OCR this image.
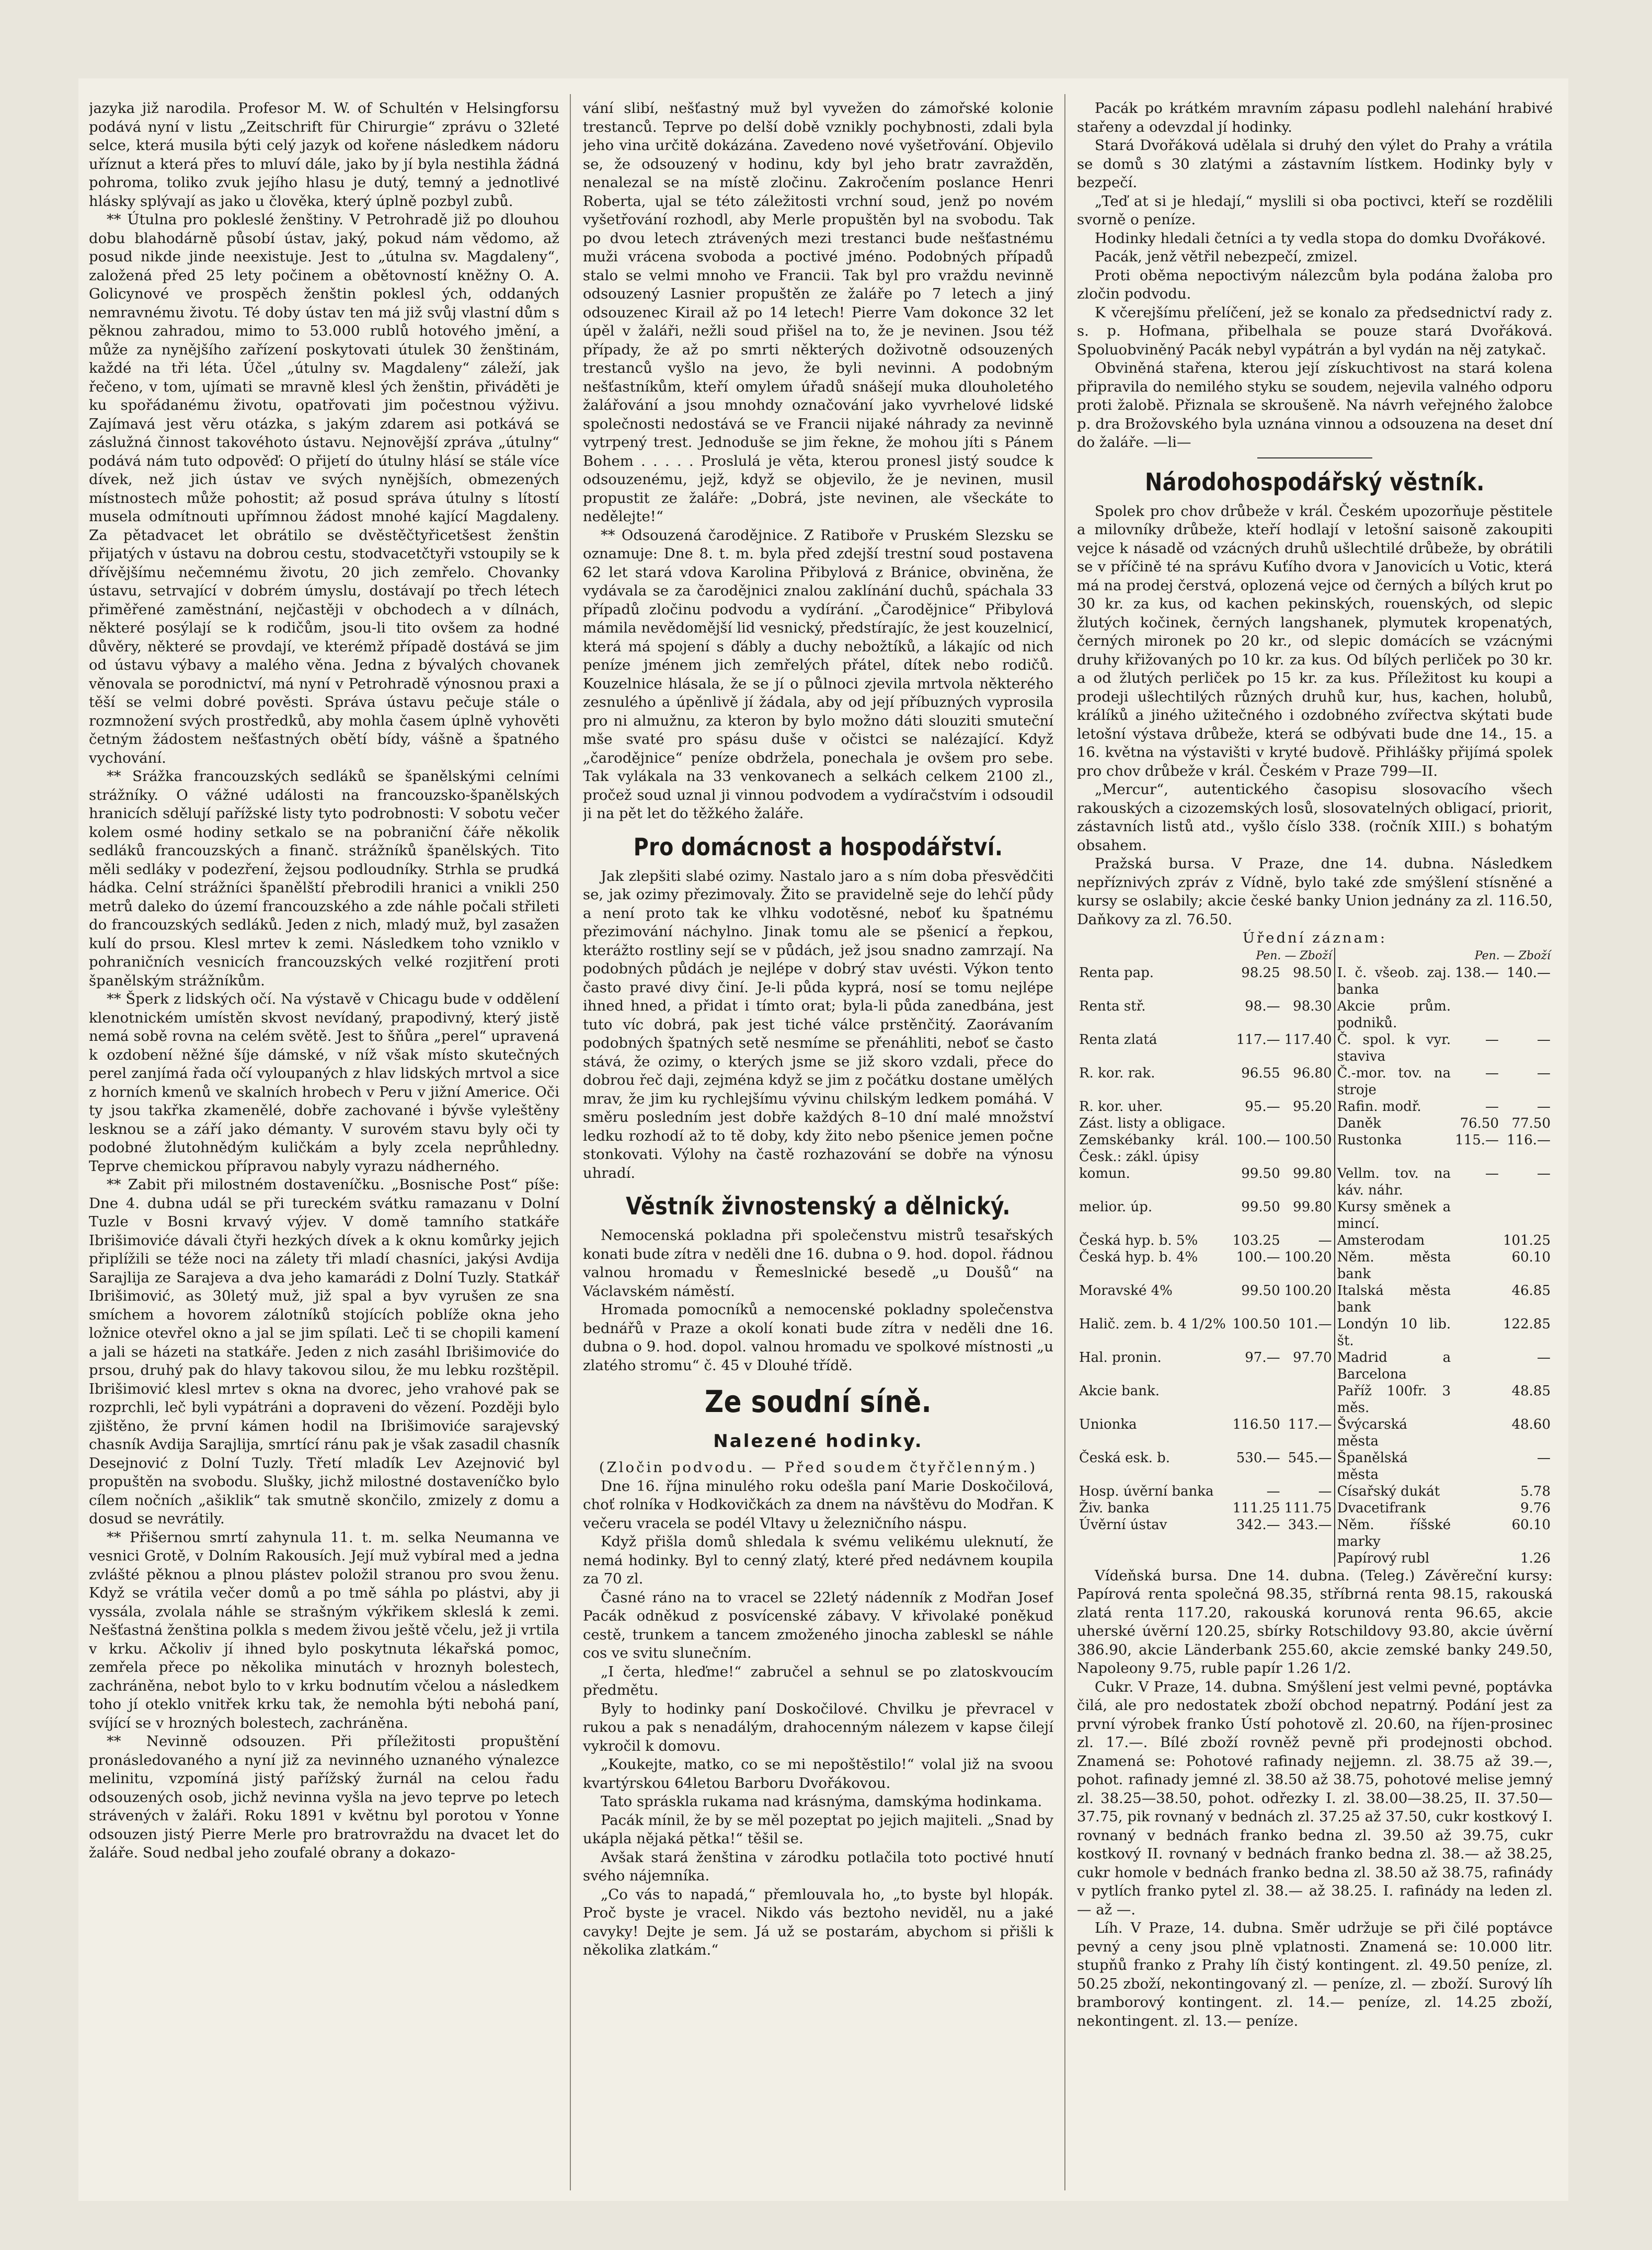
jazyka již narodila. Profesor M. W. of Schultén v Helsingforsu podává nyní v listu „Zeitschrift für Chirurgie“ zprávu o 32leté selce, která musila býti celý jazyk od kořene následkem nádoru uříznut a která přes to mluví dále, jako by jí byla nestihla žádná pohroma, toliko zvuk jejího hlasu je dutý, temný a jednotlivé hlásky splývají as jako u člověka, který úplně pozbyl zubů.

** Útulna pro pokleslé ženštiny. V Petrohradě již po dlouhou dobu blahodárně působí ústav, jaký, pokud nám vědomo, až posud nikde jinde neexistuje. Jest to „útulna sv. Magdaleny“, založená před 25 lety počinem a obětovností kněžny O. A. Golicynové ve prospěch ženštin poklesl ých, oddaných nemravnému životu. Té doby ústav ten má již svůj vlastní dům s pěknou zahradou, mimo to 53.000 rublů hotového jmění, a může za nynějšího zařízení poskytovati útulek 30 ženštinám, každé na tři léta. Účel „útulny sv. Magdaleny“ záleží, jak řečeno, v tom, ujímati se mravně klesl ých ženštin, přiváděti je ku spořádanému životu, opatřovati jim počestnou výživu. Zajímavá jest věru otázka, s jakým zdarem asi potkává se záslužná činnost takovéhoto ústavu. Nejnovější zpráva „útulny“ podává nám tuto odpověď: O přijetí do útulny hlásí se stále více dívek, než jich ústav ve svých nynějších, obmezených místnostech může pohostit; až posud správa útulny s lítostí musela odmítnouti upřímnou žádost mnohé kající Magdaleny. Za pětadvacet let obrátilo se dvěstěčtyřicetšest ženštin přijatých v ústavu na dobrou cestu, stodvacetčtyři vstoupily se k dřívějšímu nečemnému životu, 20 jich zemřelo. Chovanky ústavu, setrvající v dobrém úmyslu, dostávají po třech létech přiměřené zaměstnání, nejčastěji v obchodech a v dílnách, některé posýlají se k rodičům, jsou-li tito ovšem za hodné důvěry, některé se provdají, ve kterémž případě dostává se jim od ústavu výbavy a malého věna. Jedna z bývalých chovanek věnovala se porodnictví, má nyní v Petrohradě výnosnou praxi a těší se velmi dobré pověsti. Správa ústavu pečuje stále o rozmnožení svých prostředků, aby mohla časem úplně vyhověti četným žádostem nešťastných obětí bídy, vášně a špatného vychování.

** Srážka francouzských sedláků se španělskými celními strážníky. O vážné události na francouzsko-španělských hranicích sdělují pařížské listy tyto podrobnosti: V sobotu večer kolem osmé hodiny setkalo se na pobraniční čáře několik sedláků francouzských a finanč. strážníků španělských. Tito měli sedláky v podezření, žejsou podloudníky. Strhla se prudká hádka. Celní strážníci španělští přebrodili hranici a vnikli 250 metrů daleko do území francouzského a zde náhle počali střileti do francouzských sedláků. Jeden z nich, mladý muž, byl zasažen kulí do prsou. Klesl mrtev k zemi. Následkem toho vzniklo v pohraničních vesnicích francouzských velké rozjitření proti španělským strážníkům.

** Šperk z lidských očí. Na výstavě v Chicagu bude v oddělení klenotnickém umístěn skvost nevídaný, prapodivný, který jistě nemá sobě rovna na celém světě. Jest to šňůra „perel“ upravená k ozdobení něžné šíje dámské, v níž však místo skutečných perel zanjímá řada očí vyloupaných z hlav lidských mrtvol a sice z horních kmenů ve skalních hrobech v Peru v jižní Americe. Oči ty jsou takřka zkamenělé, dobře zachované i bývše vyleštěny lesknou se a září jako démanty. V surovém stavu byly oči ty podobné žlutohnědým kuličkám a byly zcela neprůhledny. Teprve chemickou přípravou nabyly vyrazu nádherného.

** Zabit při milostném dostaveníčku. „Bosnische Post“ píše: Dne 4. dubna udál se při tureckém svátku ramazanu v Dolní Tuzle v Bosni krvavý výjev. V domě tamního statkáře Ibrišimoviće dávali čtyři hezkých dívek a k oknu komůrky jejich připlížili se téže noci na zálety tři mladí chasníci, jakýsi Avdija Sarajlija ze Sarajeva a dva jeho kamarádi z Dolní Tuzly. Statkář Ibrišimović, as 30letý muž, již spal a byv vyrušen ze sna smíchem a hovorem zálotníků stojících poblíže okna jeho ložnice otevřel okno a jal se jim spílati. Leč ti se chopili kamení a jali se házeti na statkáře. Jeden z nich zasáhl Ibrišimoviće do prsou, druhý pak do hlavy takovou silou, že mu lebku rozštěpil. Ibrišimović klesl mrtev s okna na dvorec, jeho vrahové pak se rozprchli, leč byli vypátráni a dopraveni do vězení. Později bylo zjištěno, že první kámen hodil na Ibrišimoviće sarajevský chasník Avdija Sarajlija, smrtící ránu pak je však zasadil chasník Desejnović z Dolní Tuzly. Třetí mladík Lev Azejnović byl propuštěn na svobodu. Slušky, jichž milostné dostaveníčko bylo cílem nočních „ašiklik“ tak smutně skončilo, zmizely z domu a dosud se nevrátily.

** Přišernou smrtí zahynula 11. t. m. selka Neumanna ve vesnici Grotě, v Dolním Rakousích. Její muž vybíral med a jedna zvlášté pěknou a plnou plástev položil stranou pro svou ženu. Když se vrátila večer domů a po tmě sáhla po plástvi, aby ji vyssála, zvolala náhle se strašným výkřikem skleslá k zemi. Nešťastná ženština polkla s medem živou ještě včelu, jež ji vrtila v krku. Ačkoliv jí ihned bylo poskytnuta lékařská pomoc, zemřela přece po několika minutách v hroznyh bolestech, zachráněna, nebot bylo to v krku bodnutím včelou a následkem toho jí oteklo vnitřek krku tak, že nemohla býti nebohá paní, svíjící se v hrozných bolestech, zachráněna.

** Nevinně odsouzen. Při příležitosti propuštění pronásledovaného a nyní již za nevinného uznaného výnalezce melinitu, vzpomíná jistý pařížský žurnál na celou řadu odsouzených osob, jichž nevinna vyšla na jevo teprve po letech strávených v žaláři. Roku 1891 v květnu byl porotou v Yonne odsouzen jistý Pierre Merle pro bratrovraždu na dvacet let do žaláře. Soud nedbal jeho zoufalé obrany a dokazo-

vání slibí, nešťastný muž byl vyvežen do zámořské kolonie trestanců. Teprve po delší době vznikly pochybnosti, zdali byla jeho vina určitě dokázána. Zavedeno nové vyšetřování. Objevilo se, že odsouzený v hodinu, kdy byl jeho bratr zavražděn, nenalezal se na místě zločinu. Zakročením poslance Henri Roberta, ujal se této záležitosti vrchní soud, jenž po novém vyšetřování rozhodl, aby Merle propuštěn byl na svobodu. Tak po dvou letech ztrávených mezi trestanci bude nešťastnému muži vrácena svoboda a poctivé jméno. Podobných případů stalo se velmi mnoho ve Francii. Tak byl pro vraždu nevinně odsouzený Lasnier propuštěn ze žaláře po 7 letech a jiný odsouzenec Kirail až po 14 letech! Pierre Vam dokonce 32 let úpěl v žaláři, nežli soud přišel na to, že je nevinen. Jsou též případy, že až po smrti některých doživotně odsouzených trestanců vyšlo na jevo, že byli nevinni. A podobným nešťastníkům, kteří omylem úřadů snášejí muka dlouholetého žalářování a jsou mnohdy označování jako vyvrhelové lidské společnosti nedostává se ve Francii nijaké náhrady za nevinně vytrpený trest. Jednoduše se jim řekne, že mohou jíti s Pánem Bohem . . . . . Proslulá je věta, kterou pronesl jistý soudce k odsouzenému, jejž, když se objevilo, že je nevinen, musil propustit ze žaláře: „Dobrá, jste nevinen, ale všeckáte to nedělejte!“

** Odsouzená čarodějnice. Z Ratiboře v Pruském Slezsku se oznamuje: Dne 8. t. m. byla před zdejší trestní soud postavena 62 let stará vdova Karolina Přibylová z Bránice, obviněna, že vydávala se za čarodějnici znalou zaklínání duchů, spáchala 33 případů zločinu podvodu a vydírání. „Čarodějnice“ Přibylová mámila nevědomější lid vesnický, předstírajíc, že jest kouzelnicí, která má spojení s ďábly a duchy nebožtíků, a lákajíc od nich peníze jménem jich zemřelých přátel, dítek nebo rodičů. Kouzelnice hlásala, že se jí o půlnoci zjevila mrtvola některého zesnulého a úpěnlivě jí žádala, aby od její příbuzných vyprosila pro ni almužnu, za kteron by bylo možno dáti slouziti smuteční mše svaté pro spásu duše v očistci se nalézající. Když „čarodějnice“ peníze obdržela, ponechala je ovšem pro sebe. Tak vylákala na 33 venkovanech a selkách celkem 2100 zl., pročež soud uznal ji vinnou podvodem a vydíračstvím i odsoudil ji na pět let do těžkého žaláře.

Pro domácnost a hospodářství.

Jak zlepšiti slabé ozimy. Nastalo jaro a s ním doba přesvědčiti se, jak ozimy přezimovaly. Žito se pravidelně seje do lehčí půdy a není proto tak ke vlhku vodotěsné, neboť ku špatnému přezimování náchylno. Jinak tomu ale se pšenicí a řepkou, kterážto rostliny sejí se v půdách, jež jsou snadno zamrzají. Na podobných půdách je nejlépe v dobrý stav uvésti. Výkon tento často pravé divy činí. Je-li půda kyprá, nosí se tomu nejlépe ihned hned, a přidat i tímto orat; byla-li půda zanedbána, jest tuto víc dobrá, pak jest tiché válce prstěnčitý. Zaorávaním podobných špatných setě nesmíme se přenáhliti, neboť se často stává, že ozimy, o kterých jsme se již skoro vzdali, přece do dobrou řeč daji, zejména když se jim z počátku dostane umělých mrav, že jim ku rychlejšímu vývinu chilským ledkem pomáhá. V směru posledním jest dobře každých 8–10 dní malé množství ledku rozhodí až to tě doby, kdy žito nebo pšenice jemen počne stonkovati. Výlohy na častě rozhazování se dobře na výnosu uhradí.

Věstník živnostenský a dělnický.

Nemocenská pokladna při společenstvu mistrů tesařských konati bude zítra v neděli dne 16. dubna o 9. hod. dopol. řádnou valnou hromadu v Řemeslnické besedě „u Doušů“ na Václavském náměstí.

Hromada pomocníků a nemocenské pokladny společenstva bednářů v Praze a okolí konati bude zítra v neděli dne 16. dubna o 9. hod. dopol. valnou hromadu ve spolkové místnosti „u zlatého stromu“ č. 45 v Dlouhé třídě.

Ze soudní síně.
Nalezené hodinky.

(Zločin podvodu. — Před soudem čtyřčlenným.)

Dne 16. října minulého roku odešla paní Marie Doskočilová, choť rolníka v Hodkovičkách za dnem na návštěvu do Modřan. K večeru vracela se podél Vltavy u železničního náspu.

Když přišla domů shledala k svému velikému uleknutí, že nemá hodinky. Byl to cenný zlatý, které před nedávnem koupila za 70 zl.

Časné ráno na to vracel se 22letý nádenník z Modřan Josef Pacák odněkud z posvícenské zábavy. V křivolaké poněkud cestě, trunkem a tancem zmoženého jinocha zableskl se náhle cos ve svitu slunečním.

„I čerta, hleďme!“ zabručel a sehnul se po zlatoskvoucím předmětu.

Byly to hodinky paní Doskočilové. Chvilku je převracel v rukou a pak s nenadálým, drahocenným nálezem v kapse čilejí vykročil k domovu.

„Koukejte, matko, co se mi nepoštěstilo!“ volal již na svoou kvartýrskou 64letou Barboru Dvořákovou.

Tato spráskla rukama nad krásnýma, damskýma hodinkama.

Pacák mínil, že by se měl pozeptat po jejich majiteli. „Snad by ukápla nějaká pětka!“ těšil se.

Avšak stará ženština v zárodku potlačila toto poctivé hnutí svého nájemníka.

„Co vás to napadá,“ přemlouvala ho, „to byste byl hlopák. Proč byste je vracel. Nikdo vás beztoho neviděl, nu a jaké cavyky! Dejte je sem. Já už se postarám, abychom si přišli k několika zlatkám.“

Pacák po krátkém mravním zápasu podlehl nalehání hrabivé stařeny a odevzdal jí hodinky.

Stará Dvořáková udělala si druhý den výlet do Prahy a vrátila se domů s 30 zlatými a zástavním lístkem. Hodinky byly v bezpečí.

„Teď at si je hledají,“ myslili si oba poctivci, kteří se rozdělili svorně o peníze.

Hodinky hledali četníci a ty vedla stopa do domku Dvořákové.

Pacák, jenž větřil nebezpečí, zmizel.

Proti oběma nepoctivým nálezcům byla podána žaloba pro zločin podvodu.

K včerejšímu přelíčení, jež se konalo za předsednictví rady z. s. p. Hofmana, přibelhala se pouze stará Dvořáková. Spoluobviněný Pacák nebyl vypátrán a byl vydán na něj zatykač.

Obviněná stařena, kterou její získuchtivost na stará kolena připravila do nemilého styku se soudem, nejevila valného odporu proti žalobě. Přiznala se skroušeně. Na návrh veřejného žalobce p. dra Brožovského byla uznána vinnou a odsouzena na deset dní do žaláře. —li—

Národohospodářský věstník.

Spolek pro chov drůbeže v král. Českém upozorňuje pěstitele a milovníky drůbeže, kteří hodlají v letošní saisoně zakoupiti vejce k násadě od vzácných druhů ušlechtilé drůbeže, by obrátili se v příčině té na správu Kuťího dvora v Janovicích u Votic, která má na prodej čerstvá, oplozená vejce od černých a bílých krut po 30 kr. za kus, od kachen pekinských, rouenských, od slepic žlutých kočinek, černých langshanek, plymutek kropenatých, černých mironek po 20 kr., od slepic domácích se vzácnými druhy křižovaných po 10 kr. za kus. Od bílých perliček po 30 kr. a od žlutých perliček po 15 kr. za kus. Příležitost ku koupi a prodeji ušlechtilých různých druhů kur, hus, kachen, holubů, králíků a jiného užitečného i ozdobného zvířectva skýtati bude letošní výstava drůbeže, která se odbývati bude dne 14., 15. a 16. května na výstavišti v kryté budově. Přihlášky přijímá spolek pro chov drůbeže v král. Českém v Praze 799—II.

„Mercur“, autentického časopisu slosovacího všech rakouských a cizozemských losů, slosovatelných obligací, priorit, zástavních listů atd., vyšlo číslo 338. (ročník XIII.) s bohatým obsahem.

Pražská bursa. V Praze, dne 14. dubna. Následkem nepříznivých zpráv z Vídně, bylo také zde smýšlení stísněné a kursy se oslabily; akcie české banky Union jednány za zl. 116.50, Daňkovy za zl. 76.50.

Úřední záznam:

	Pen. — Zboží			Pen. — Zboží	
Renta pap.	98.25	98.50	I. č. všeob. zaj. banka	138.—	140.—
Renta stř.	98.—	98.30	Akcie prům. podniků.		
Renta zlatá	117.—	117.40	Č. spol. k vyr. staviva	—	—
R. kor. rak.	96.55	96.80	Č.-mor. tov. na stroje	—	—
R. kor. uher.	95.—	95.20	Rafin. modř.	—	—
Zást. listy a obligace.			Daněk	76.50	77.50
Zemskébanky král. Česk.: zákl. úpisy	100.—	100.50	Rustonka	115.—	116.—
komun.	99.50	99.80	Vellm. tov. na káv. náhr.	—	—
melior. úp.	99.50	99.80	Kursy směnek a mincí.		
Česká hyp. b. 5%	103.25	—	Amsterodam		101.25
Česká hyp. b. 4%	100.—	100.20	Něm. města bank		60.10
Moravské 4%	99.50	100.20	Italská města bank		46.85
Halič. zem. b. 4 1/2%	100.50	101.—	Londýn 10 lib. št.		122.85
Hal. pronin.	97.—	97.70	Madrid a Barcelona		—
Akcie bank.			Paříž 100fr. 3 měs.		48.85
Unionka	116.50	117.—	Švýcarská města		48.60
Česká esk. b.	530.—	545.—	Španělská města		—
Hosp. úvěrní banka	—	—	Císařský dukát		5.78
Živ. banka	111.25	111.75	Dvacetifrank		9.76
Úvěrní ústav	342.—	343.—	Něm. říšské marky		60.10
			Papírový rubl		1.26

Vídeňská bursa. Dne 14. dubna. (Teleg.) Závěreční kursy: Papírová renta společná 98.35, stříbrná renta 98.15, rakouská zlatá renta 117.20, rakouská korunová renta 96.65, akcie uherské úvěrní 120.25, sbírky Rotschildovy 93.80, akcie úvěrní 386.90, akcie Länderbank 255.60, akcie zemské banky 249.50, Napoleony 9.75, ruble papír 1.26 1/2.

Cukr. V Praze, 14. dubna. Smýšlení jest velmi pevné, poptávka čilá, ale pro nedostatek zboží obchod nepatrný. Podání jest za první výrobek franko Ústí pohotově zl. 20.60, na říjen-prosinec zl. 17.—. Bílé zboží rovněž pevně při prodejnosti obchod. Znamená se: Pohotové rafinady nejjemn. zl. 38.75 až 39.—, pohot. rafinady jemné zl. 38.50 až 38.75, pohotové melise jemný zl. 38.25—38.50, pohot. odřezky I. zl. 38.00—38.25, II. 37.50—37.75, pik rovnaný v bednách zl. 37.25 až 37.50, cukr kostkový I. rovnaný v bednách franko bedna zl. 39.50 až 39.75, cukr kostkový II. rovnaný v bednách franko bedna zl. 38.— až 38.25, cukr homole v bednách franko bedna zl. 38.50 až 38.75, rafinády v pytlích franko pytel zl. 38.— až 38.25. I. rafinády na leden zl. — až —.

Líh. V Praze, 14. dubna. Směr udržuje se při čilé poptávce pevný a ceny jsou plně vplatnosti. Znamená se: 10.000 litr. stupňů franko z Prahy líh čistý kontingent. zl. 49.50 peníze, zl. 50.25 zboží, nekontingovaný zl. — peníze, zl. — zboží. Surový líh bramborový kontingent. zl. 14.— peníze, zl. 14.25 zboží, nekontingent. zl. 13.— peníze.
